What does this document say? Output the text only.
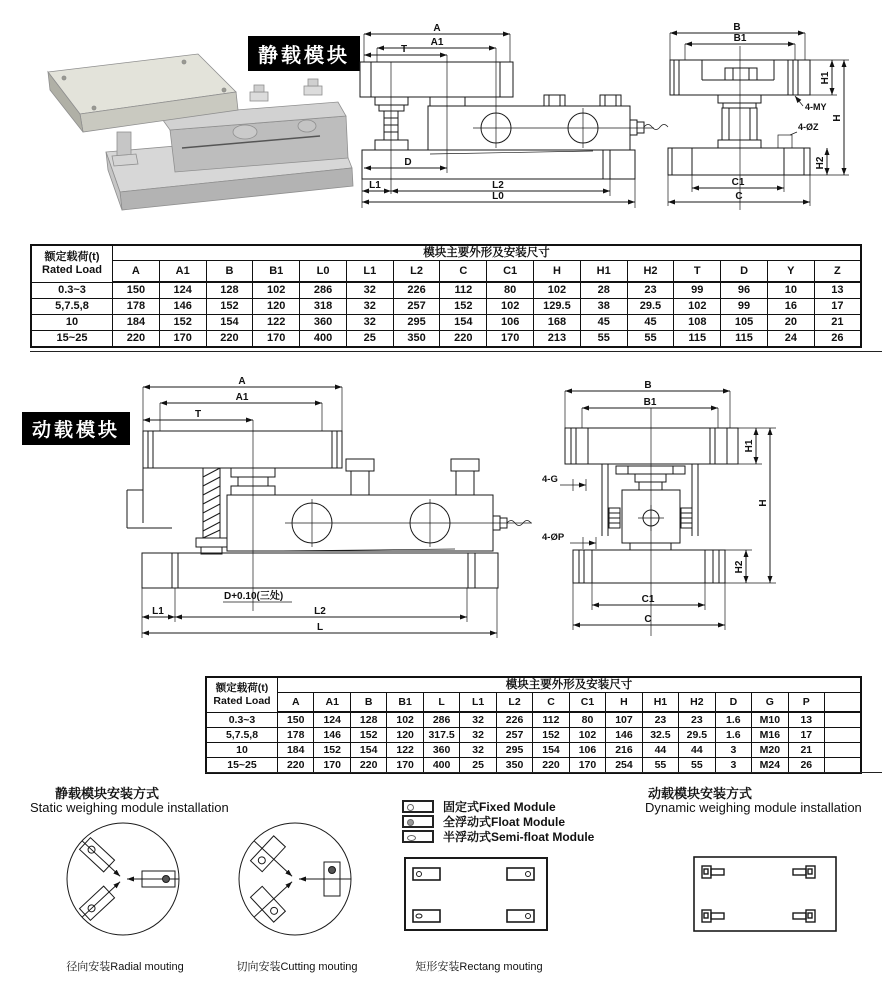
静载模块
A
A1
T
D
L1	L2
L0
B
B1
H1
4-MY
H
4-ØZ
H2
C1
C
额定载荷(t)
Rated Load	模块主要外形及安装尺寸															
	A	A1	B	B1	L0	L1	L2	C	C1	H	H1	H2	T	D	Y	Z
0.3~3	150	124	128	102	286	32	226	112	80	102	28	23	99	96	10	13
5,7.5,8	178	146	152	120	318	32	257	152	102	129.5	38	29.5	102	99	16	17
10	184	152	154	122	360	32	295	154	106	168	45	45	108	105	20	21
15~25	220	170	220	170	400	25	350	220	170	213	55	55	115	115	24	26
动载模块
A
A1
T
D+0.10(三处)
L1	L2
L
B
B1
H1
4-G
H
4-ØP
H2
C1
C
额定载荷(t)
Rated Load	模块主要外形及安装尺寸															
	A	A1	B	B1	L	L1	L2	C	C1	H	H1	H2	D	G	P	
0.3~3	150	124	128	102	286	32	226	112	80	107	23	23	1.6	M10	13	
5,7.5,8	178	146	152	120	317.5	32	257	152	102	146	32.5	29.5	1.6	M16	17	
10	184	152	154	122	360	32	295	154	106	216	44	44	3	M20	21	
15~25	220	170	220	170	400	25	350	220	170	254	55	55	3	M24	26	
静载模块安装方式
Static weighing module installation
动载模块安装方式
Dynamic weighing module installation
固定式Fixed Module
全浮动式Float Module
半浮动式Semi-float Module
径向安装Radial mouting	切向安装Cutting mouting	矩形安装Rectang mouting
